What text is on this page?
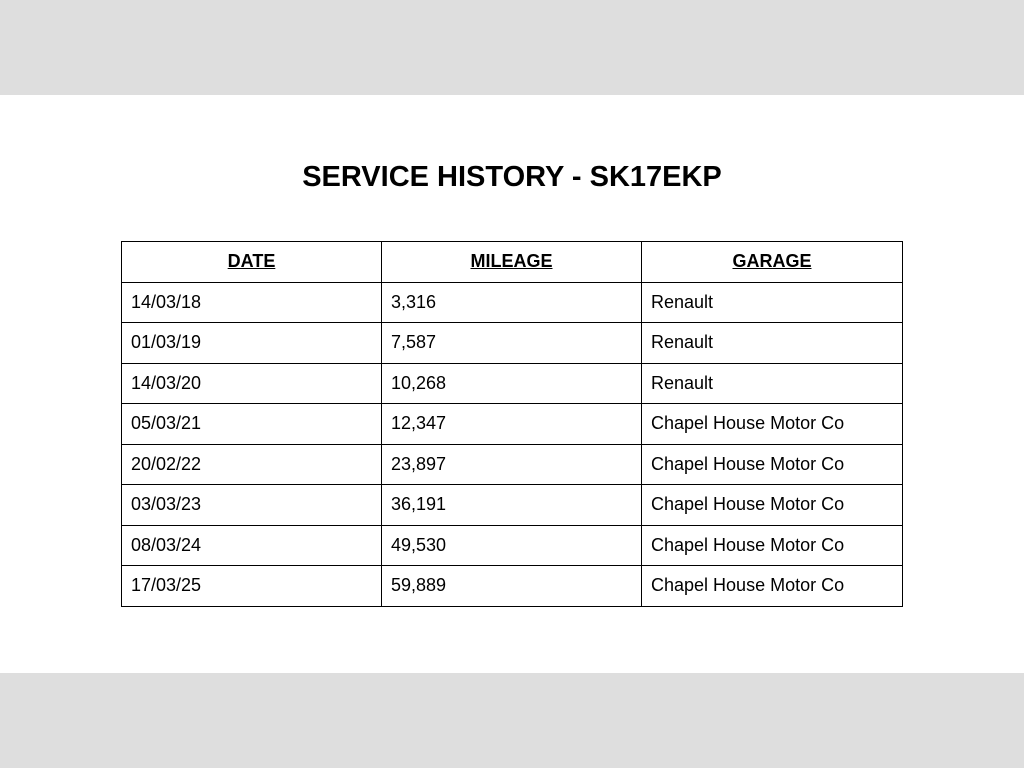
SERVICE HISTORY - SK17EKP
DATE	MILEAGE	GARAGE
14/03/18	3,316	Renault
01/03/19	7,587	Renault
14/03/20	10,268	Renault
05/03/21	12,347	Chapel House Motor Co
20/02/22	23,897	Chapel House Motor Co
03/03/23	36,191	Chapel House Motor Co
08/03/24	49,530	Chapel House Motor Co
17/03/25	59,889	Chapel House Motor Co
